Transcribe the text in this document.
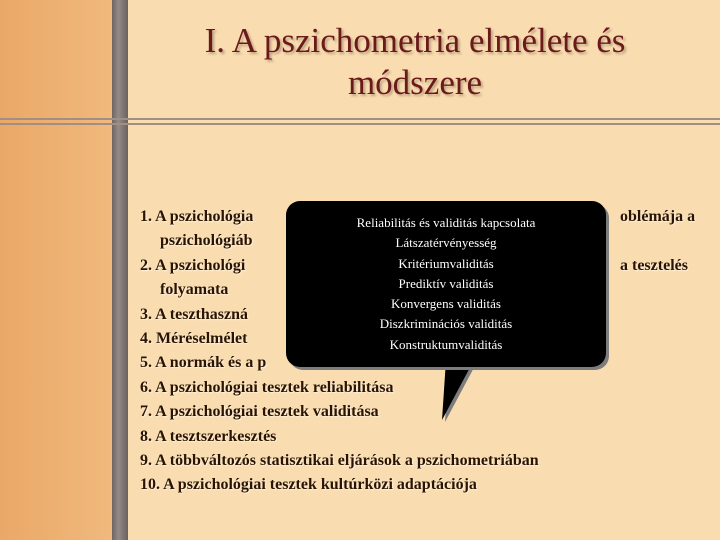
I. A pszichometria elmélete és
módszere
1. A pszichológia	oblémája a
pszichológiáb
2. A pszichológi	a tesztelés
folyamata
3. A teszthaszná
4. Méréselmélet
5. A normák és a p
6. A pszichológiai tesztek reliabilitása
7. A pszichológiai tesztek validitása
8. A tesztszerkesztés
9. A többváltozós statisztikai eljárások a pszichometriában
10. A pszichológiai tesztek kultúrközi adaptációja
Reliabilitás és validitás kapcsolata
Látszatérvényesség
Kritériumvaliditás
Prediktív validitás
Konvergens validitás
Diszkriminációs validitás
Konstruktumvaliditás
